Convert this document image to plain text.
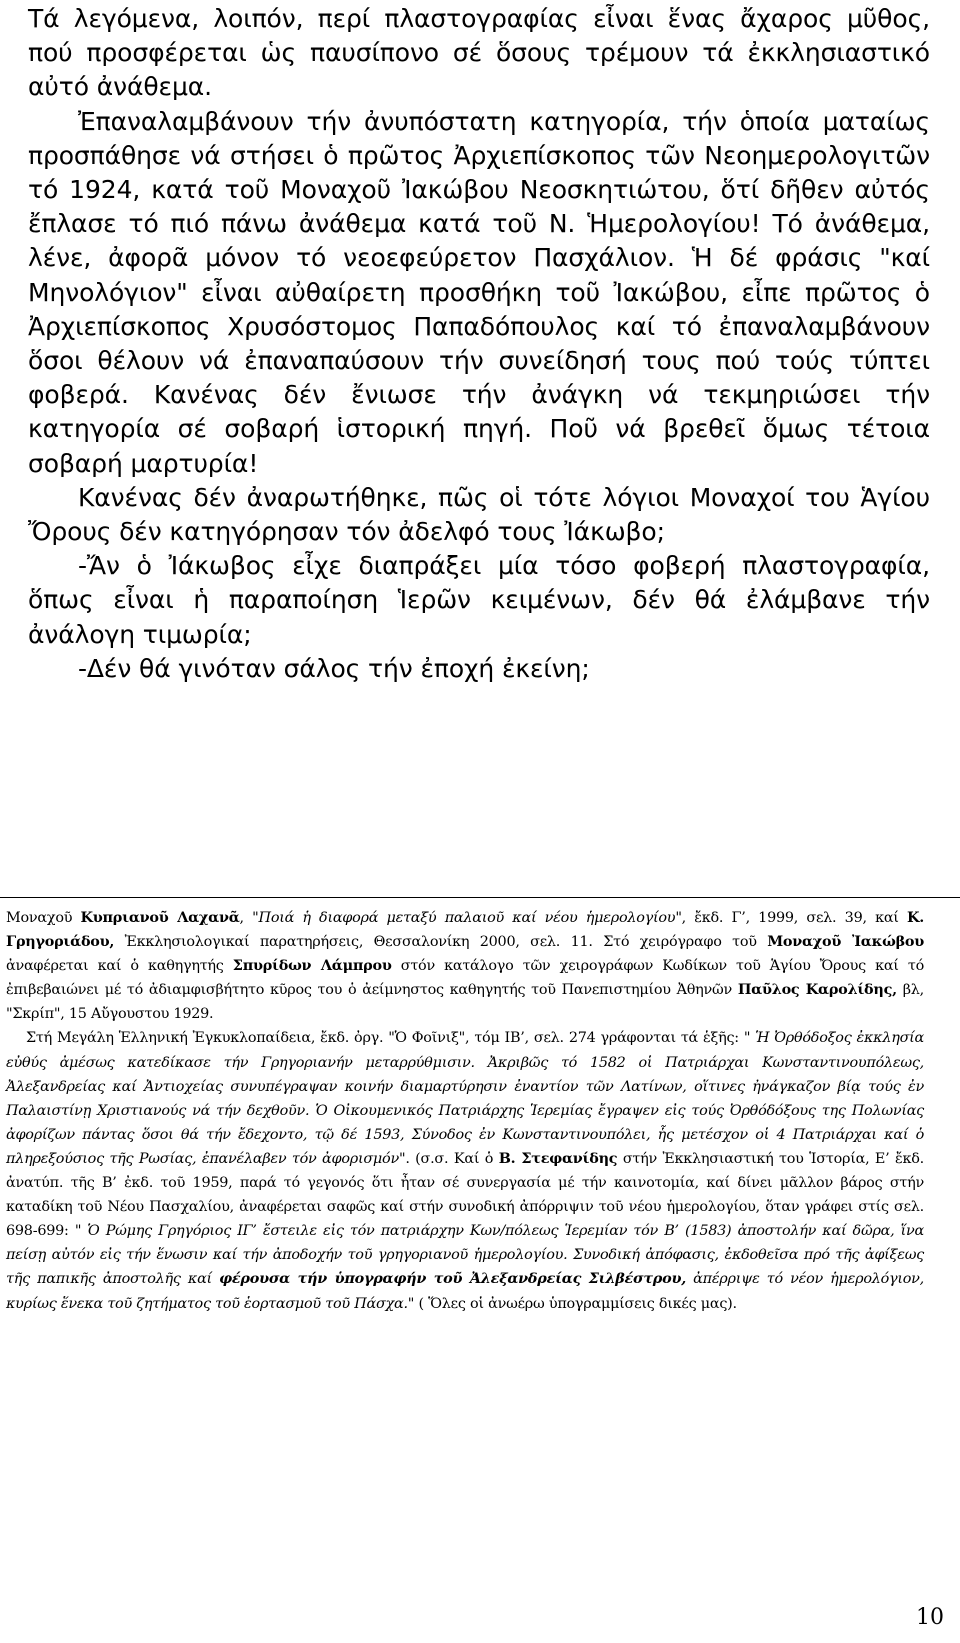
Τά λεγόμενα, λοιπόν, περί πλαστογραφίας εἶναι ἕνας ἄχαρος μῦθος, πού προσφέρεται ὡς παυσίπονο σέ ὅσους τρέμουν τά ἐκκλησιαστικό αὐτό ἀνάθεμα.

Ἐπαναλαμβάνουν τήν ἀνυπόστατη κατηγορία, τήν ὁποία ματαίως προσπάθησε νά στήσει ὁ πρῶτος Ἀρχιεπίσκοπος τῶν Νεοημερολογιτῶν τό 1924, κατά τοῦ Μοναχοῦ Ἰακώβου Νεοσκητιώτου, ὅτί δῆθεν αὐτός ἔπλασε τό πιό πάνω ἀνάθεμα κατά τοῦ Ν. Ἡμερολογίου! Τό ἀνάθεμα, λένε, ἀφορᾶ μόνον τό νεοεφεύρετον Πασχάλιον. Ἡ δέ φράσις "καί Μηνολόγιον" εἶναι αὐθαίρετη προσθήκη τοῦ Ἰακώβου, εἶπε πρῶτος ὁ Ἀρχιεπίσκοπος Χρυσόστομος Παπαδόπουλος καί τό ἐπαναλαμβάνουν ὅσοι θέλουν νά ἐπαναπαύσουν τήν συνείδησή τους πού τούς τύπτει φοβερά. Κανένας δέν ἔνιωσε τήν ἀνάγκη νά τεκμηριώσει τήν κατηγορία σέ σοβαρή ἱστορική πηγή. Ποῦ νά βρεθεῖ ὅμως τέτοια σοβαρή μαρτυρία!

Κανένας δέν ἀναρωτήθηκε, πῶς οἱ τότε λόγιοι Μοναχοί του Ἁγίου Ὄρους δέν κατηγόρησαν τόν ἀδελφό τους Ἰάκωβο;

-Ἄν ὁ Ἰάκωβος εἶχε διαπράξει μία τόσο φοβερή πλαστογραφία, ὅπως εἶναι ἡ παραποίηση Ἱερῶν κειμένων, δέν θά ἐλάμβανε τήν ἀνάλογη τιμωρία;

-Δέν θά γινόταν σάλος τήν ἐποχή ἐκείνη;

Μοναχοῦ Κυπριανοῦ Λαχανᾶ, "Ποιά ἡ διαφορά μεταξύ παλαιοῦ καί νέου ἡμερολογίου", ἔκδ. Γ’, 1999, σελ. 39, καί Κ. Γρηγοριάδου, Ἐκκλησιολογικαί παρατηρήσεις, Θεσσαλονίκη 2000, σελ. 11. Στό χειρόγραφο τοῦ Μοναχοῦ Ἰακώβου ἀναφέρεται καί ὁ καθηγητής Σπυρίδων Λάμπρου στόν κατάλογο τῶν χειρογράφων Κωδίκων τοῦ Ἁγίου Ὄρους καί τό ἐπιβεβαιώνει μέ τό ἀδιαμφισβήτητο κῦρος του ὁ ἀείμνηστος καθηγητής τοῦ Πανεπιστημίου Ἀθηνῶν Παῦλος Καρολίδης, βλ, "Σκρίπ", 15 Αὔγουστου 1929.

Στή Μεγάλη Ἑλληνική Ἐγκυκλοπαίδεια, ἔκδ. ὀργ. "Ὁ Φοῖνιξ", τόμ ΙΒ’, σελ. 274 γράφονται τά ἑξῆς: " Ἡ Ὀρθόδοξος ἐκκλησία εὐθύς ἀμέσως κατεδίκασε τήν Γρηγοριανήν μεταρρύθμισιν. Ἀκριβῶς τό 1582 οἱ Πατριάρχαι Κωνσταντινουπόλεως, Ἀλεξανδρείας καί Ἀντιοχείας συνυπέγραψαν κοινήν διαμαρτύρησιν ἐναντίον τῶν Λατίνων, οἵτινες ἠνάγκαζον βίᾳ τούς ἐν Παλαιστίνῃ Χριστιανούς νά τήν δεχθοῦν. Ὁ Οἰκουμενικός Πατριάρχης Ἱερεμίας ἔγραψεν εἰς τούς Ὀρθόδόξους της Πολωνίας ἀφορίζων πάντας ὅσοι θά τήν ἔδεχοντο, τῷ δέ 1593, Σύνοδος ἐν Κωνσταντινουπόλει, ἧς μετέσχον οἱ 4 Πατριάρχαι καί ὁ πληρεξούσιος τῆς Ρωσίας, ἐπανέλαβεν τόν ἀφορισμόν". (σ.σ. Καί ὁ Β. Στεφανίδης στήν Ἐκκλησιαστική του Ἱστορία, Ε’ ἔκδ. ἀνατύπ. τῆς Β’ ἐκδ. τοῦ 1959, παρά τό γεγονός ὅτι ἦταν σέ συνεργασία μέ τήν καινοτομία, καί δίνει μᾶλλον βάρος στήν καταδίκη τοῦ Νέου Πασχαλίου, ἀναφέρεται σαφῶς καί στήν συνοδική ἀπόρριψιν τοῦ νέου ἡμερολογίου, ὅταν γράφει στίς σελ. 698-699: " Ὁ Ρώμης Γρηγόριος ΙΓ’ ἔστειλε εἰς τόν πατριάρχην Κων/πόλεως Ἱερεμίαν τόν Β’ (1583) ἀποστολήν καί δῶρα, ἵνα πείσῃ αὐτόν εἰς τήν ἕνωσιν καί τήν ἀποδοχήν τοῦ γρηγοριανοῦ ἡμερολογίου. Συνοδική ἀπόφασις, ἐκδοθεῖσα πρό τῆς ἀφίξεως τῆς παπικῆς ἀποστολῆς καί φέρουσα τήν ὑπογραφήν τοῦ Ἀλεξανδρείας Σιλβέστρου, ἀπέρριψε τό νέον ἡμερολόγιον, κυρίως ἕνεκα τοῦ ζητήματος τοῦ ἑορτασμοῦ τοῦ Πάσχα." ( Ὅλες οἱ ἀνωέρω ὑπογραμμίσεις δικές μας).

10
